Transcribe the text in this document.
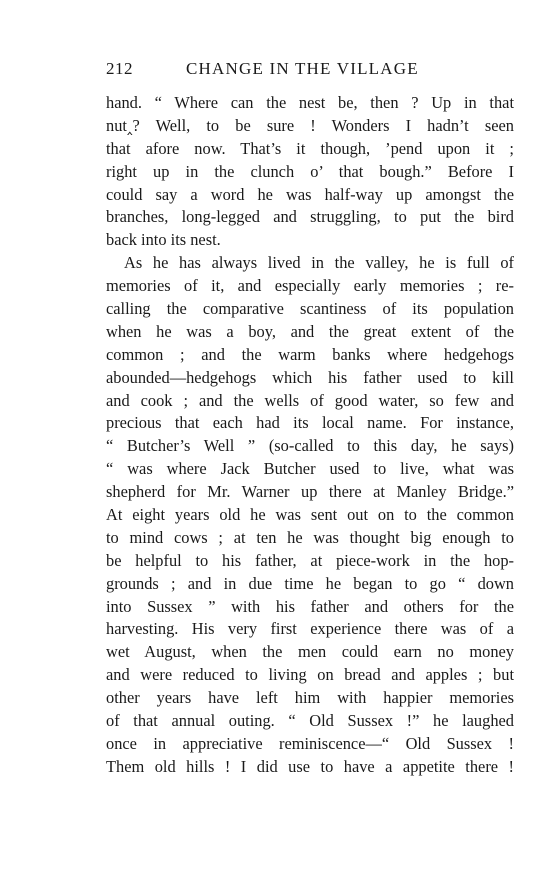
212	CHANGE IN THE VILLAGE
hand. “ Where can the nest be, then ? Up in that
nut‸? Well, to be sure ! Wonders I hadn’t seen
that afore now. That’s it though, ’pend upon it ;
right up in the clunch o’ that bough.” Before I
could say a word he was half-way up amongst the
branches, long-legged and struggling, to put the bird
back into its nest.
As he has always lived in the valley, he is full of
memories of it, and especially early memories ; re-
calling the comparative scantiness of its population
when he was a boy, and the great extent of the
common ; and the warm banks where hedgehogs
abounded—hedgehogs which his father used to kill
and cook ; and the wells of good water, so few and
precious that each had its local name. For instance,
“ Butcher’s Well ” (so-called to this day, he says)
“ was where Jack Butcher used to live, what was
shepherd for Mr. Warner up there at Manley Bridge.”
At eight years old he was sent out on to the common
to mind cows ; at ten he was thought big enough to
be helpful to his father, at piece-work in the hop-
grounds ; and in due time he began to go “ down
into Sussex ” with his father and others for the
harvesting. His very first experience there was of a
wet August, when the men could earn no money
and were reduced to living on bread and apples ; but
other years have left him with happier memories
of that annual outing. “ Old Sussex !” he laughed
once in appreciative reminiscence—“ Old Sussex !
Them old hills ! I did use to have a appetite there !
